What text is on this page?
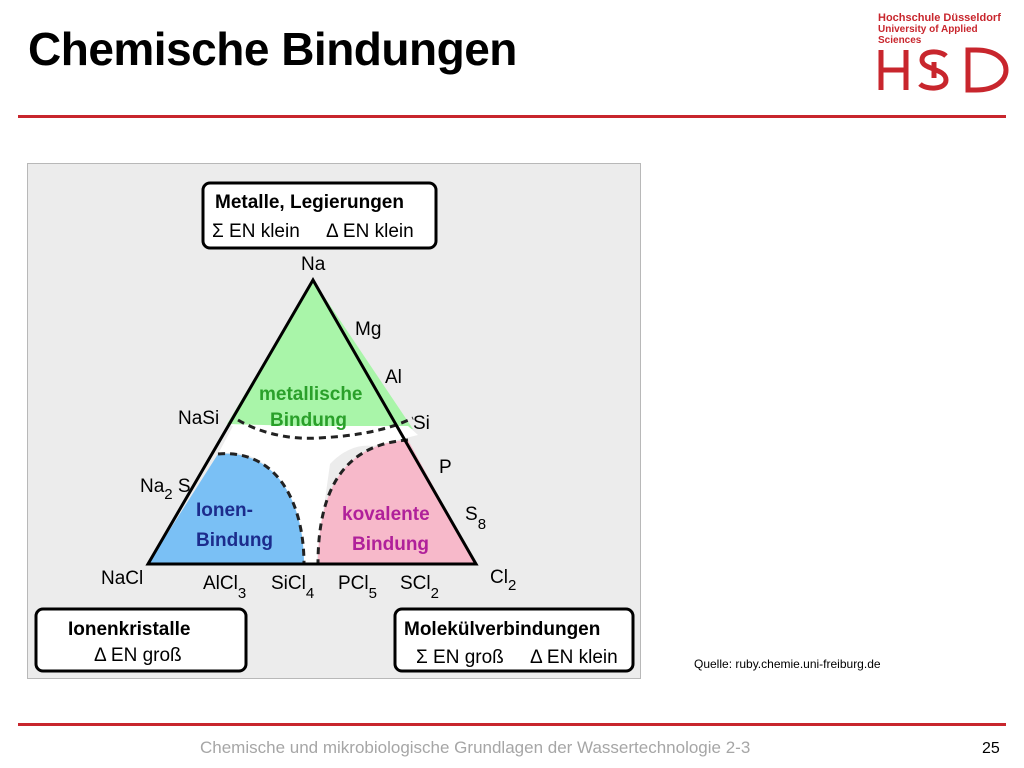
Chemische Bindungen
Hochschule Düsseldorf
University of Applied Sciences
Metalle, Legierungen
Σ EN klein Δ EN klein
Ionenkristalle
Δ EN groß
Molekülverbindungen
Σ EN groß Δ EN klein
metallische
Bindung
Ionen-
Bindung
kovalente
Bindung
Na
Mg
Al
Si
P
$S_8$
$Cl_2$
NaSi
$Na_2$ S
NaCl	AlCl$_3$ SiCl$_4$ PCl$_5$ SCl$_2$
Quelle: ruby.chemie.uni-freiburg.de
Chemische und mikrobiologische Grundlagen der Wassertechnologie 2-3	25
